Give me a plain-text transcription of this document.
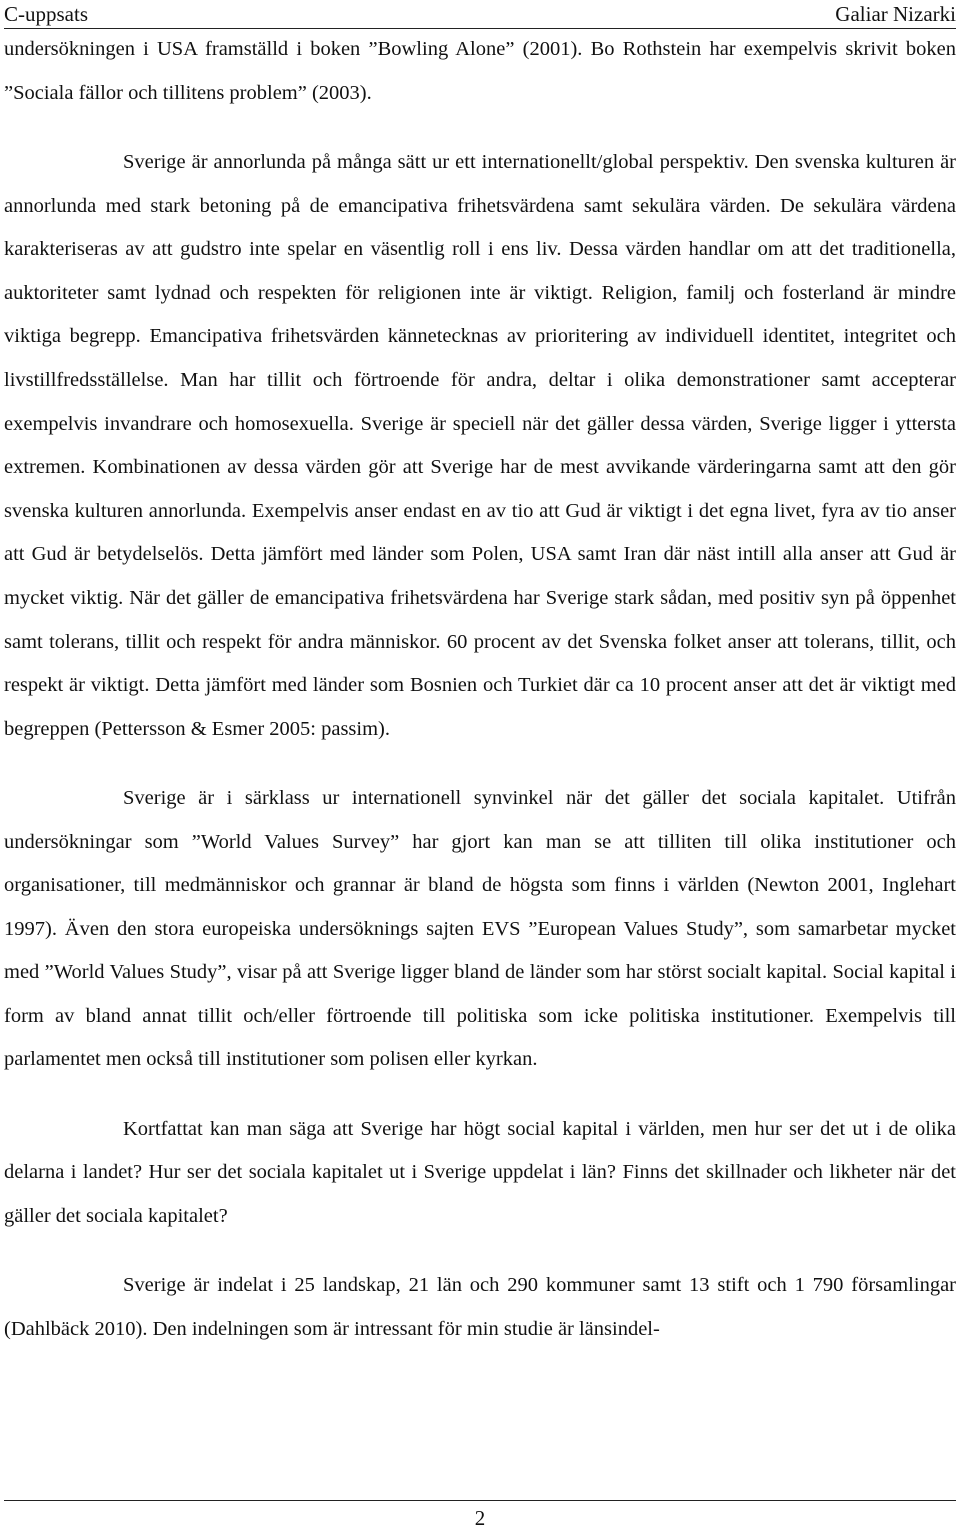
C-uppsats	Galiar Nizarki

undersökningen i USA framställd i boken ”Bowling Alone” (2001). Bo Rothstein har exempelvis skrivit boken ”Sociala fällor och tillitens problem” (2003).

Sverige är annorlunda på många sätt ur ett internationellt/global perspektiv. Den svenska kulturen är annorlunda med stark betoning på de emancipativa frihetsvärdena samt sekulära värden. De sekulära värdena karakteriseras av att gudstro inte spelar en väsentlig roll i ens liv. Dessa värden handlar om att det traditionella, auktoriteter samt lydnad och respekten för religionen inte är viktigt. Religion, familj och fosterland är mindre viktiga begrepp. Emancipativa frihetsvärden kännetecknas av prioritering av individuell identitet, integritet och livstillfredsställelse. Man har tillit och förtroende för andra, deltar i olika demonstrationer samt accepterar exempelvis invandrare och homosexuella. Sverige är speciell när det gäller dessa värden, Sverige ligger i yttersta extremen. Kombinationen av dessa värden gör att Sverige har de mest avvikande värderingarna samt att den gör svenska kulturen annorlunda. Exempelvis anser endast en av tio att Gud är viktigt i det egna livet, fyra av tio anser att Gud är betydelselös. Detta jämfört med länder som Polen, USA samt Iran där näst intill alla anser att Gud är mycket viktig. När det gäller de emancipativa frihetsvärdena har Sverige stark sådan, med positiv syn på öppenhet samt tolerans, tillit och respekt för andra människor. 60 procent av det Svenska folket anser att tolerans, tillit, och respekt är viktigt. Detta jämfört med länder som Bosnien och Turkiet där ca 10 procent anser att det är viktigt med begreppen (Pettersson & Esmer 2005: passim).

Sverige är i särklass ur internationell synvinkel när det gäller det sociala kapitalet. Utifrån undersökningar som ”World Values Survey” har gjort kan man se att tilliten till olika institutioner och organisationer, till medmänniskor och grannar är bland de högsta som finns i världen (Newton 2001, Inglehart 1997). Även den stora europeiska undersöknings sajten EVS ”European Values Study”, som samarbetar mycket med ”World Values Study”, visar på att Sverige ligger bland de länder som har störst socialt kapital. Social kapital i form av bland annat tillit och/eller förtroende till politiska som icke politiska institutioner. Exempelvis till parlamentet men också till institutioner som polisen eller kyrkan.

Kortfattat kan man säga att Sverige har högt social kapital i världen, men hur ser det ut i de olika delarna i landet? Hur ser det sociala kapitalet ut i Sverige uppdelat i län? Finns det skillnader och likheter när det gäller det sociala kapitalet?

Sverige är indelat i 25 landskap, 21 län och 290 kommuner samt 13 stift och 1 790 församlingar (Dahlbäck 2010). Den indelningen som är intressant för min studie är länsindel-

2
